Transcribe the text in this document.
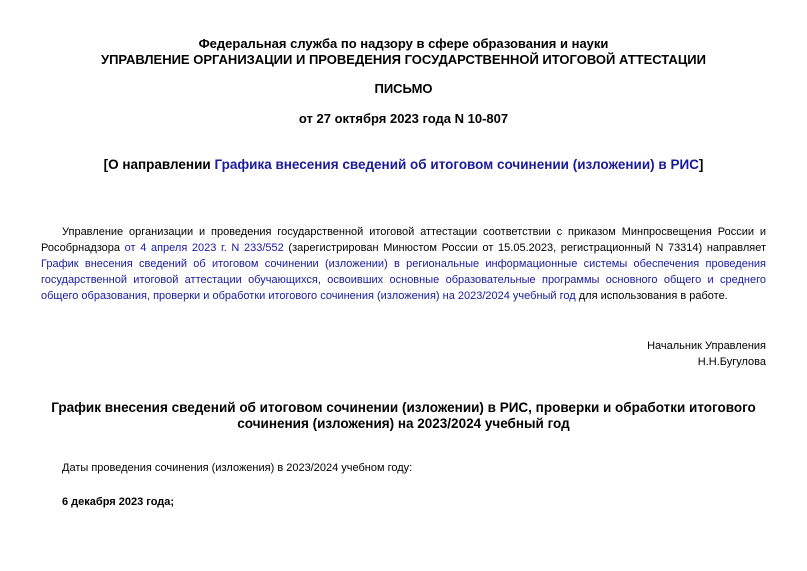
Федеральная служба по надзору в сфере образования и науки
УПРАВЛЕНИЕ ОРГАНИЗАЦИИ И ПРОВЕДЕНИЯ ГОСУДАРСТВЕННОЙ ИТОГОВОЙ АТТЕСТАЦИИ
ПИСЬМО
от 27 октября 2023 года N 10-807
[О направлении Графика внесения сведений об итоговом сочинении (изложении) в РИС]

Управление организации и проведения государственной итоговой аттестации соответствии с приказом Минпросвещения России и Рособрнадзора от 4 апреля 2023 г. N 233/552 (зарегистрирован Минюстом России от 15.05.2023, регистрационный N 73314) направляет График внесения сведений об итоговом сочинении (изложении) в региональные информационные системы обеспечения проведения государственной итоговой аттестации обучающихся, освоивших основные образовательные программы основного общего и среднего общего образования, проверки и обработки итогового сочинения (изложения) на 2023/2024 учебный год для использования в работе.

Начальник Управления
Н.Н.Бугулова
График внесения сведений об итоговом сочинении (изложении) в РИС, проверки и обработки итогового
сочинения (изложения) на 2023/2024 учебный год
Даты проведения сочинения (изложения) в 2023/2024 учебном году:
6 декабря 2023 года;
